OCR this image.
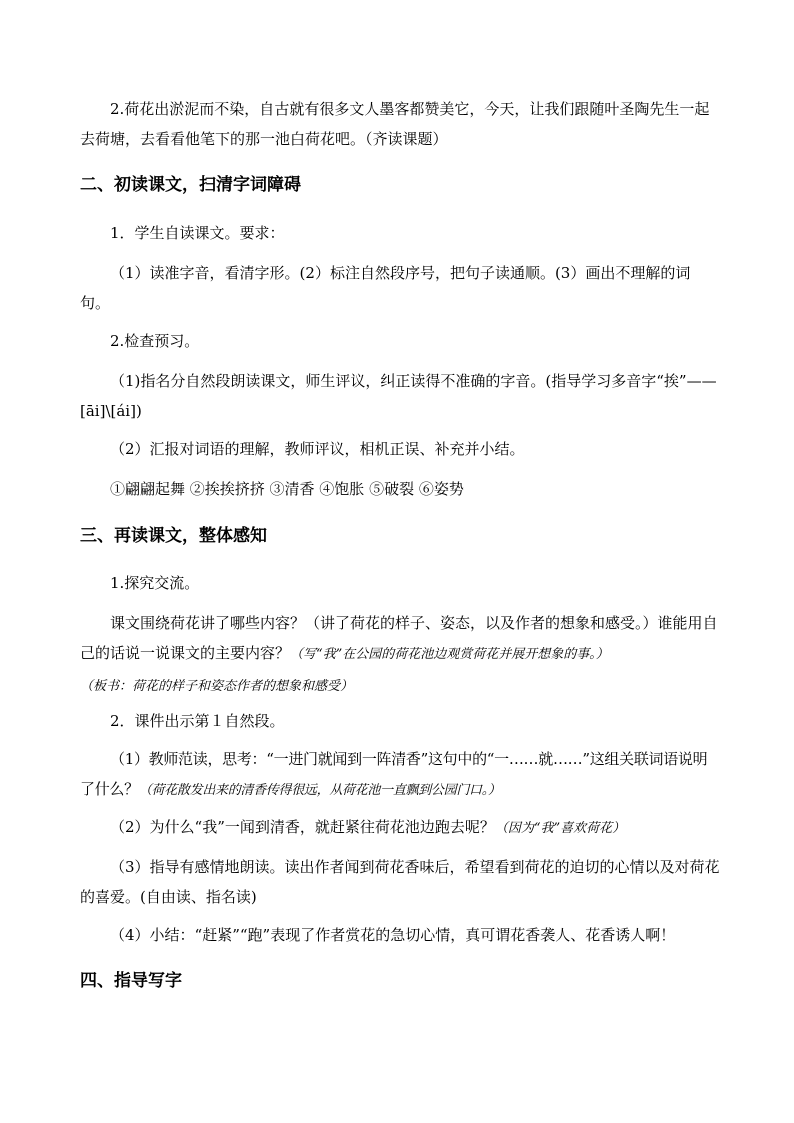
2.荷花出淤泥而不染，自古就有很多文人墨客都赞美它，今天，让我们跟随叶圣陶先生一起去荷塘，去看看他笔下的那一池白荷花吧。（齐读课题）

二、初读课文，扫清字词障碍

1．学生自读课文。要求：

（1）读准字音，看清字形。(2）标注自然段序号，把句子读通顺。(3）画出不理解的词句。

2.检查预习。

（1)指名分自然段朗读课文，师生评议，纠正读得不准确的字音。(指导学习多音字“挨”——[āi]\[ái])

（2）汇报对词语的理解，教师评议，相机正误、补充并小结。

①翩翩起舞 ②挨挨挤挤 ③清香 ④饱胀 ⑤破裂 ⑥姿势

三、再读课文，整体感知

1.探究交流。

课文围绕荷花讲了哪些内容？（讲了荷花的样子、姿态，以及作者的想象和感受。）谁能用自己的话说一说课文的主要内容？（写“我”在公园的荷花池边观赏荷花并展开想象的事。）
（板书：荷花的样子和姿态作者的想象和感受）

2．课件出示第１自然段。

（1）教师范读，思考：“一进门就闻到一阵清香”这句中的“一……就……”这组关联词语说明了什么？（荷花散发出来的清香传得很远，从荷花池一直飘到公园门口。）

（2）为什么“我”一闻到清香，就赶紧往荷花池边跑去呢？（因为“我”喜欢荷花）

（3）指导有感情地朗读。读出作者闻到荷花香味后，希望看到荷花的迫切的心情以及对荷花的喜爱。(自由读、指名读)

（4）小结：“赶紧”“跑”表现了作者赏花的急切心情，真可谓花香袭人、花香诱人啊！

四、指导写字
